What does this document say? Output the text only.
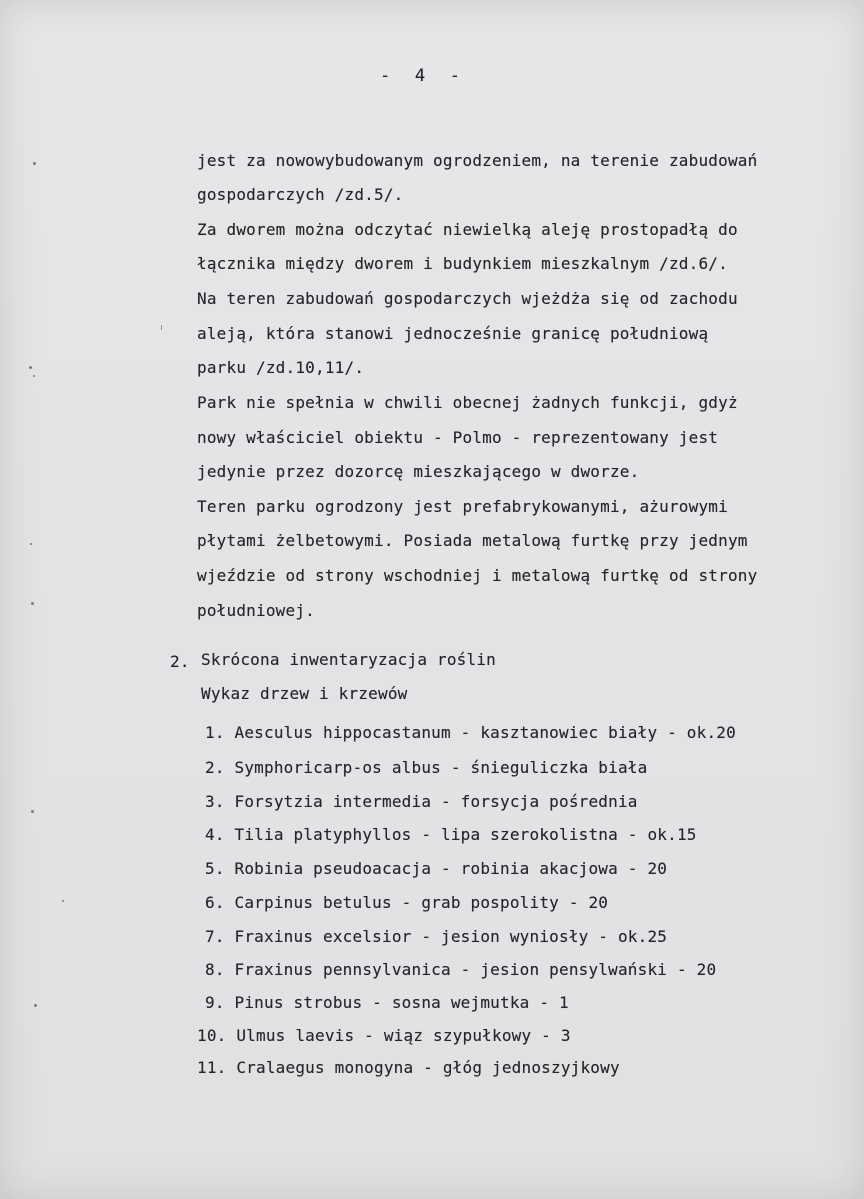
- 4 -
jest za nowowybudowanym ogrodzeniem, na terenie zabudowań
gospodarczych /zd.5/.
Za dworem można odczytać niewielką aleję prostopadłą do
łącznika między dworem i budynkiem mieszkalnym /zd.6/.
Na teren zabudowań gospodarczych wjeżdża się od zachodu
aleją, która stanowi jednocześnie granicę południową
parku /zd.10,11/.
Park nie spełnia w chwili obecnej żadnych funkcji, gdyż
nowy właściciel obiektu - Polmo - reprezentowany jest
jedynie przez dozorcę mieszkającego w dworze.
Teren parku ogrodzony jest prefabrykowanymi, ażurowymi
płytami żelbetowymi. Posiada metalową furtkę przy jednym
wjeździe od strony wschodniej i metalową furtkę od strony
południowej.
2. Skrócona inwentaryzacja roślin
Wykaz drzew i krzewów
1. Aesculus hippocastanum - kasztanowiec biały - ok.20
2. Symphoricarp-os albus - śnieguliczka biała
3. Forsytzia intermedia - forsycja pośrednia
4. Tilia platyphyllos - lipa szerokolistna - ok.15
5. Robinia pseudoacacja - robinia akacjowa - 20
6. Carpinus betulus - grab pospolity - 20
7. Fraxinus excelsior - jesion wyniosły - ok.25
8. Fraxinus pennsylvanica - jesion pensylwański - 20
9. Pinus strobus - sosna wejmutka - 1
10. Ulmus laevis - wiąz szypułkowy - 3
11. Cralaegus monogyna - głóg jednoszyjkowy
